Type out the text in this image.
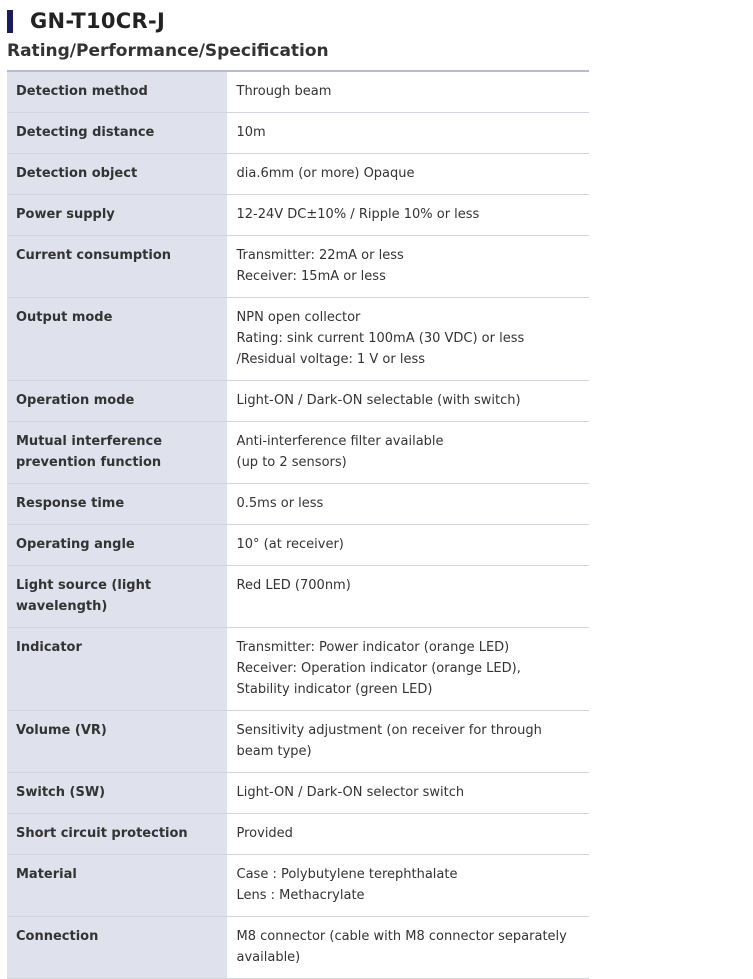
GN-T10CR-J
Rating/Performance/Specification
Detection method	Through beam

Detecting distance	10m

Detection object	dia.6mm (or more) Opaque

Power supply	12-24V DC±10% / Ripple 10% or less

Current consumption	Transmitter: 22mA or less
Receiver: 15mA or less

Output mode	NPN open collector
Rating: sink current 100mA (30 VDC) or less /Residual voltage: 1 V or less

Operation mode	Light-ON / Dark-ON selectable (with switch)

Mutual interference prevention function	Anti-interference filter available
(up to 2 sensors)

Response time	0.5ms or less

Operating angle	10° (at receiver)

Light source (light wavelength)	Red LED (700nm)

Indicator	Transmitter: Power indicator (orange LED)
Receiver: Operation indicator (orange LED),
Stability indicator (green LED)

Volume (VR)	Sensitivity adjustment (on receiver for through beam type)

Switch (SW)	Light-ON / Dark-ON selector switch

Short circuit protection	Provided

Material	Case : Polybutylene terephthalate
Lens : Methacrylate

Connection	M8 connector (cable with M8 connector separately available)
